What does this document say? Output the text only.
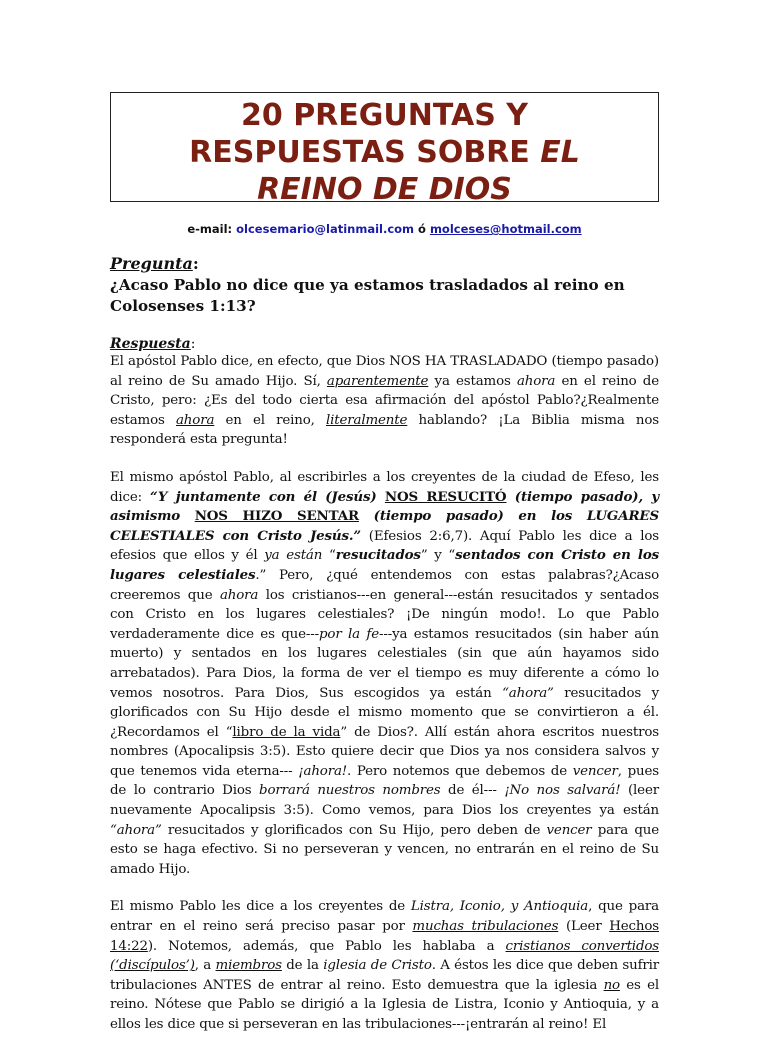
20 PREGUNTAS Y
RESPUESTAS SOBRE EL
REINO DE DIOS
e-mail: olcesemario@latinmail.com ó molceses@hotmail.com
Pregunta:

¿Acaso Pablo no dice que ya estamos trasladados al reino en Colosenses 1:13?

Respuesta:

El apóstol Pablo dice, en efecto, que Dios NOS HA TRASLADADO (tiempo pasado) al reino de Su amado Hijo. Sí, aparentemente ya estamos ahora en el reino de Cristo, pero: ¿Es del todo cierta esa afirmación del apóstol Pablo?¿Realmente estamos ahora en el reino, literalmente hablando? ¡La Biblia misma nos responderá esta pregunta!

El mismo apóstol Pablo, al escribirles a los creyentes de la ciudad de Efeso, les dice: “Y juntamente con él (Jesús) NOS RESUCITÓ (tiempo pasado), y asimismo NOS HIZO SENTAR (tiempo pasado) en los LUGARES CELESTIALES con Cristo Jesús.” (Efesios 2:6,7). Aquí Pablo les dice a los efesios que ellos y él ya están “resucitados” y “sentados con Cristo en los lugares celestiales.” Pero, ¿qué entendemos con estas palabras?¿Acaso creeremos que ahora los cristianos---en general---están resucitados y sentados con Cristo en los lugares celestiales? ¡De ningún modo!. Lo que Pablo verdaderamente dice es que---por la fe---ya estamos resucitados (sin haber aún muerto) y sentados en los lugares celestiales (sin que aún hayamos sido arrebatados). Para Dios, la forma de ver el tiempo es muy diferente a cómo lo vemos nosotros. Para Dios, Sus escogidos ya están “ahora” resucitados y glorificados con Su Hijo desde el mismo momento que se convirtieron a él. ¿Recordamos el “libro de la vida” de Dios?. Allí están ahora escritos nuestros nombres (Apocalipsis 3:5). Esto quiere decir que Dios ya nos considera salvos y que tenemos vida eterna--- ¡ahora!. Pero notemos que debemos de vencer, pues de lo contrario Dios borrará nuestros nombres de él--- ¡No nos salvará! (leer nuevamente Apocalipsis 3:5). Como vemos, para Dios los creyentes ya están “ahora” resucitados y glorificados con Su Hijo, pero deben de vencer para que esto se haga efectivo. Si no perseveran y vencen, no entrarán en el reino de Su amado Hijo.

El mismo Pablo les dice a los creyentes de Listra, Iconio, y Antioquia, que para entrar en el reino será preciso pasar por muchas tribulaciones (Leer Hechos 14:22). Notemos, además, que Pablo les hablaba a cristianos convertidos (‘discípulos’), a miembros de la iglesia de Cristo. A éstos les dice que deben sufrir tribulaciones ANTES de entrar al reino. Esto demuestra que la iglesia no es el reino. Nótese que Pablo se dirigió a la Iglesia de Listra, Iconio y Antioquia, y a ellos les dice que si perseveran en las tribulaciones---¡entrarán al reino! El
